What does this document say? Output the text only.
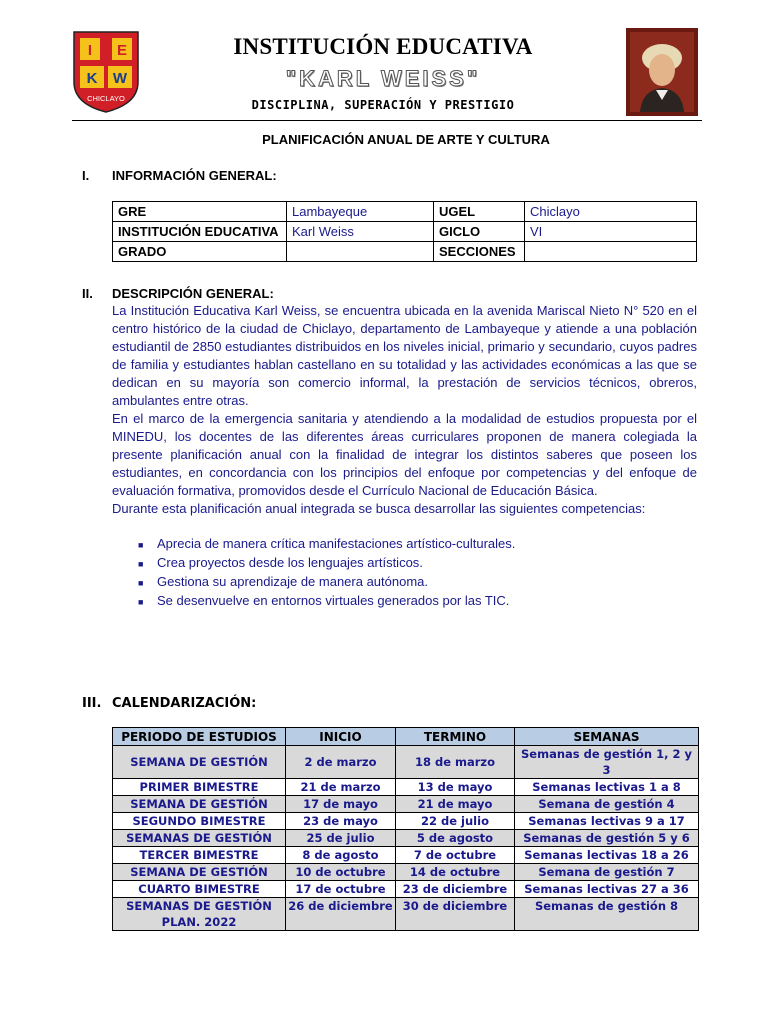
I E
K W
CHICLAYO
INSTITUCIÓN EDUCATIVA
"KARL WEISS"
DISCIPLINA, SUPERACIÓN Y PRESTIGIO
PLANIFICACIÓN ANUAL DE ARTE Y CULTURA
I. INFORMACIÓN GENERAL:
GRE	Lambayeque	UGEL	Chiclayo
INSTITUCIÓN EDUCATIVA	Karl Weiss	GICLO	VI
GRADO		SECCIONES	
II. DESCRIPCIÓN GENERAL:

La Institución Educativa Karl Weiss, se encuentra ubicada en la avenida Mariscal Nieto N° 520 en el centro histórico de la ciudad de Chiclayo, departamento de Lambayeque y atiende a una población estudiantil de 2850 estudiantes distribuidos en los niveles inicial, primario y secundario, cuyos padres de familia y estudiantes hablan castellano en su totalidad y las actividades económicas a las que se dedican en su mayoría son comercio informal, la prestación de servicios técnicos, obreros, ambulantes entre otras.

En el marco de la emergencia sanitaria y atendiendo a la modalidad de estudios propuesta por el MINEDU, los docentes de las diferentes áreas curriculares proponen de manera colegiada la presente planificación anual con la finalidad de integrar los distintos saberes que poseen los estudiantes, en concordancia con los principios del enfoque por competencias y del enfoque de evaluación formativa, promovidos desde el Currículo Nacional de Educación Básica.

Durante esta planificación anual integrada se busca desarrollar las siguientes competencias:

■	Aprecia de manera crítica manifestaciones artístico-culturales.
■	Crea proyectos desde los lenguajes artísticos.
■	Gestiona su aprendizaje de manera autónoma.
■	Se desenvuelve en entornos virtuales generados por las TIC.
III. CALENDARIZACIÓN:
PERIODO DE ESTUDIOS	INICIO	TERMINO	SEMANAS
SEMANA DE GESTIÓN	2 de marzo	18 de marzo	Semanas de gestión 1, 2 y 3
PRIMER BIMESTRE	21 de marzo	13 de mayo	Semanas lectivas 1 a 8
SEMANA DE GESTIÓN	17 de mayo	21 de mayo	Semana de gestión 4
SEGUNDO BIMESTRE	23 de mayo	22 de julio	Semanas lectivas 9 a 17
SEMANAS DE GESTIÓN	25 de julio	5 de agosto	Semanas de gestión 5 y 6
TERCER BIMESTRE	8 de agosto	7 de octubre	Semanas lectivas 18 a 26
SEMANA DE GESTIÓN	10 de octubre	14 de octubre	Semana de gestión 7
CUARTO BIMESTRE	17 de octubre	23 de diciembre	Semanas lectivas 27 a 36
SEMANAS DE GESTIÓN PLAN. 2022	26 de diciembre	30 de diciembre	Semanas de gestión 8
